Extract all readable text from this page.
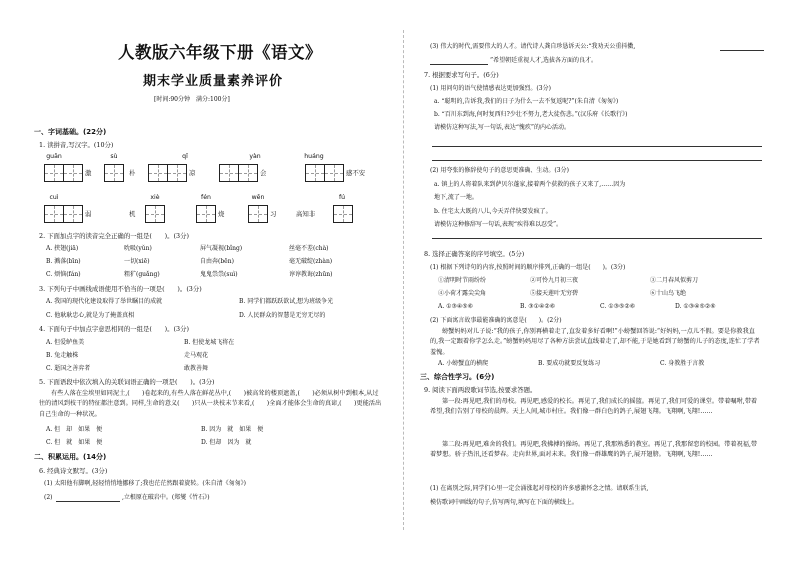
人教版六年级下册《语文》
期末学业质量素养评价
[时间:90分钟　满分:100分]
一、字词基础。(22分)
1. 读拼音,写汉字。(10分)
guān	sù	qǐ	yàn	huáng
激	朴	凉	会	感不安
cuì	xiè	fén	wēn	fú
弱	机	烧	习	高知非
2. 下面加点字的读音完全正确的一组是(　　)。(3分)
A. 挟翅(jiā)	吮吸(yǔn)	屏气凝视(bǐng)	丝毫不差(chà)
B. 溅落(bīn)	一切(xiē)	自由奔(bēn)	毫无破绽(zhàn)
C. 烦恼(fán)	粗犷(guǎng)	鬼鬼祟祟(suì)	谆谆教诲(zhūn)
3. 下列句子中画线成语使用不恰当的一项是(　　)。(3分)
A. 我国的现代化建设取得了举世瞩目的成就	B. 同学们都跃跃欲试,想为班级争光
C. 他耿耿忠心,就是为了掩盖真相	D. 人民群众的智慧是无穷无尽的
4. 下面句子中加点字意思相同的一组是(　　)。(3分)
A. 但爱鲈鱼美	B. 但使龙城飞将在
B. 兔走触株	走马观花
C. 逝国之善弈者	敢教善舞
5. 下面语段中依次填入的关联词语正确的一项是(　　)。(3分)
有些人落在尘埃里如同泥土,(　　)卷起来的,有些人落在鲜花丛中,(　　)被高耸的楼顶遮盖,(　　)必须从树中到根本,从过往的清风到枝干的特征都注意到。同样,生命的意义(　　)只从一块枝末节来看,(　　)全面才能体会生命的真谛,(　　)更能活出自己生命的一种状况。
A. 但　却　如果　便	B. 因为　就　如果　便
C. 但　就　如果　便	D. 但却　因为　就
二、积累运用。(14分)
6. 经典诗文默写。(3分)
(1) 太阳他有脚啊,轻轻悄悄地挪移了;我也茫茫然跟着旋转。(朱自清《匆匆》)
(2)	,立根原在破岩中。(郑燮《竹石》)
(3) 伟大的时代,需要伟大的人才。请代诗人龚自珍恳诉天公:“我劝天公重抖擞,
”希望朝廷重视人才,选拔各方面的良才。
7. 根据要求写句子。(6分)
(1) 用问句的语气使情感表达更加强烈。(3分)
a. “聪明的,告诉我,我们的日子为什么一去不复返呢?”(朱自清《匆匆》)
b. “百川东到海,何时复西归?少壮不努力,老大徒伤悲。”(汉乐府《长歌行》)
请模仿这种写法,写一句话,表达“愧疚”的内心活动。
(2) 用夸张的修辞使句子的意思更准确、生动。(3分)
a. 镇上的人将着队来到萨贝尔蓬家,接着两个获救的孩子又来了,……因为
地下,流了一地。
b. 住宅太大既的八儿,今天弄伴快要发疯了。
请模仿这种修辞写一句话,表现“疾得难以忍受”。
8. 选择正确答案的序号填空。(5分)
(1) 根据下列诗句的内容,按照时间的顺序排列,正确的一组是(　　)。(3分)
①清明时节雨纷纷	②可怜九月初三夜	③二月春风似剪刀
④小荷才露尖尖角	⑤接天莲叶无穷碧	⑥十山鸟飞绝
A. ①③④⑤⑥	B. ③①④②⑥	C. ①③⑤②⑥	D. ①③④⑤②⑥
(2) 下面寓言故事最能准确的寓意是(　　)。(2分)
螃蟹妈妈对儿子说:“我的孩子,你别再横着走了,直发着多好看啊!”小螃蟹回答说:“好妈妈,一点儿不假。要是你教我直的,我一定跟着你学怎么走。”螃蟹妈妈用尽了各种方法尝试直线着走了,却不能,于是她看到了螃蟹的儿子的态度,连忙了学者羞愧。
A. 小螃蟹直的横爬	B. 要成功就要反复练习	C. 身教胜于言教
三、综合性学习。(6分)
9. 阅读下面两段歌词节选,按要求答题。
第一段:再见吧,我们的母校。再见吧,感爱的校长。再见了,我们成长的摇篮。再见了,我们可爱的课堂。带着嘱咐,带着希望,我们告别了母校的晨辉。天上人间,城市村庄。我们像一群白色的鸽子,展翅飞翔。飞翔啊,飞翔!……
第二段:再见吧,难舍的我们。再见吧,我拂搏的操场。再见了,我那熟悉的教室。再见了,我那留恋的校园。带着祝福,带着梦想。骄子热汛,还看梦春。走向世界,面对未来。我们像一群雄鹰的鸽子,展开翅膀。飞翔啊,飞翔!……
(1) 在离别之际,同学们心里一定会涌涨起对母校的许多感激怀念之情。请联系生活,
模仿歌词中画线的句子,仿写两句,填写在下面的横线上。
